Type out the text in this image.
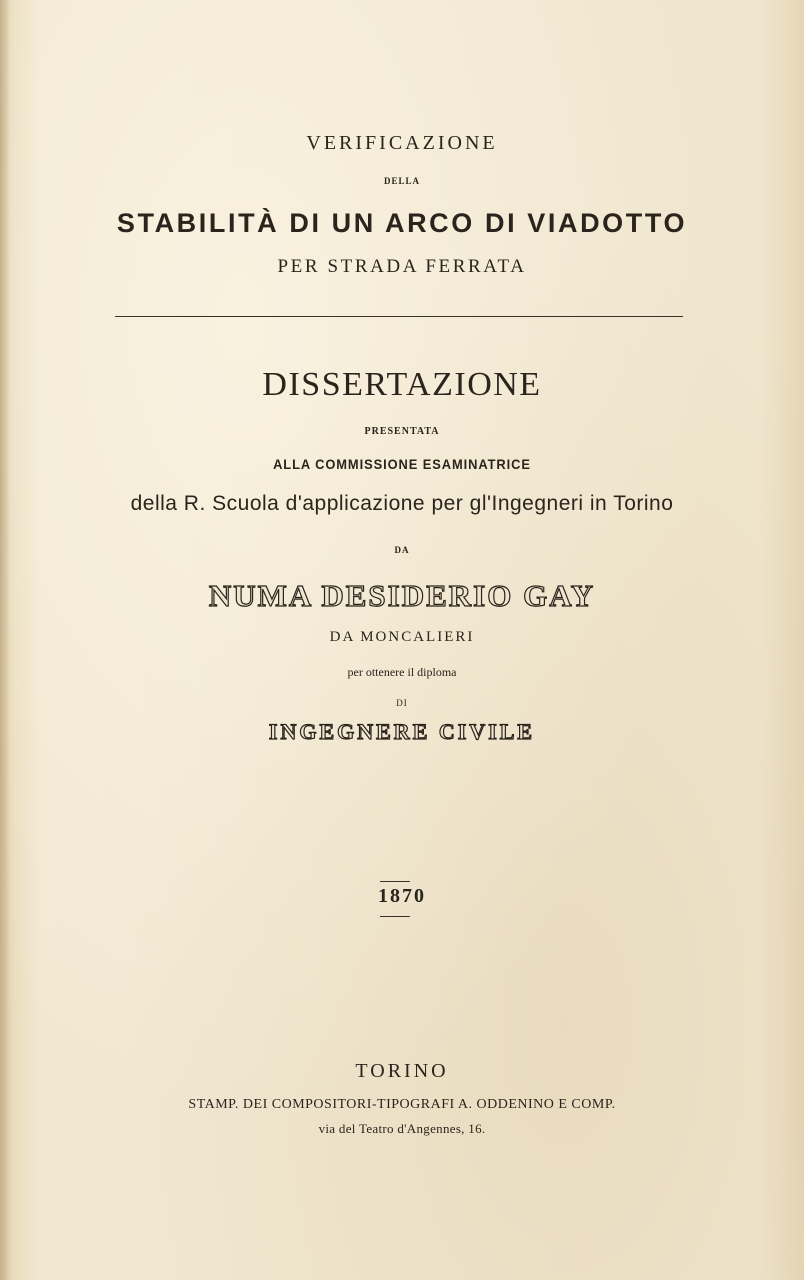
VERIFICAZIONE
DELLA
STABILITÀ DI UN ARCO DI VIADOTTO
PER STRADA FERRATA
DISSERTAZIONE
PRESENTATA
ALLA COMMISSIONE ESAMINATRICE
della R. Scuola d'applicazione per gl'Ingegneri in Torino
DA
NUMA DESIDERIO GAY
DA MONCALIERI
per ottenere il diploma
DI
INGEGNERE CIVILE
1870
TORINO
STAMP. DEI COMPOSITORI-TIPOGRAFI A. ODDENINO E COMP.
via del Teatro d'Angennes, 16.
